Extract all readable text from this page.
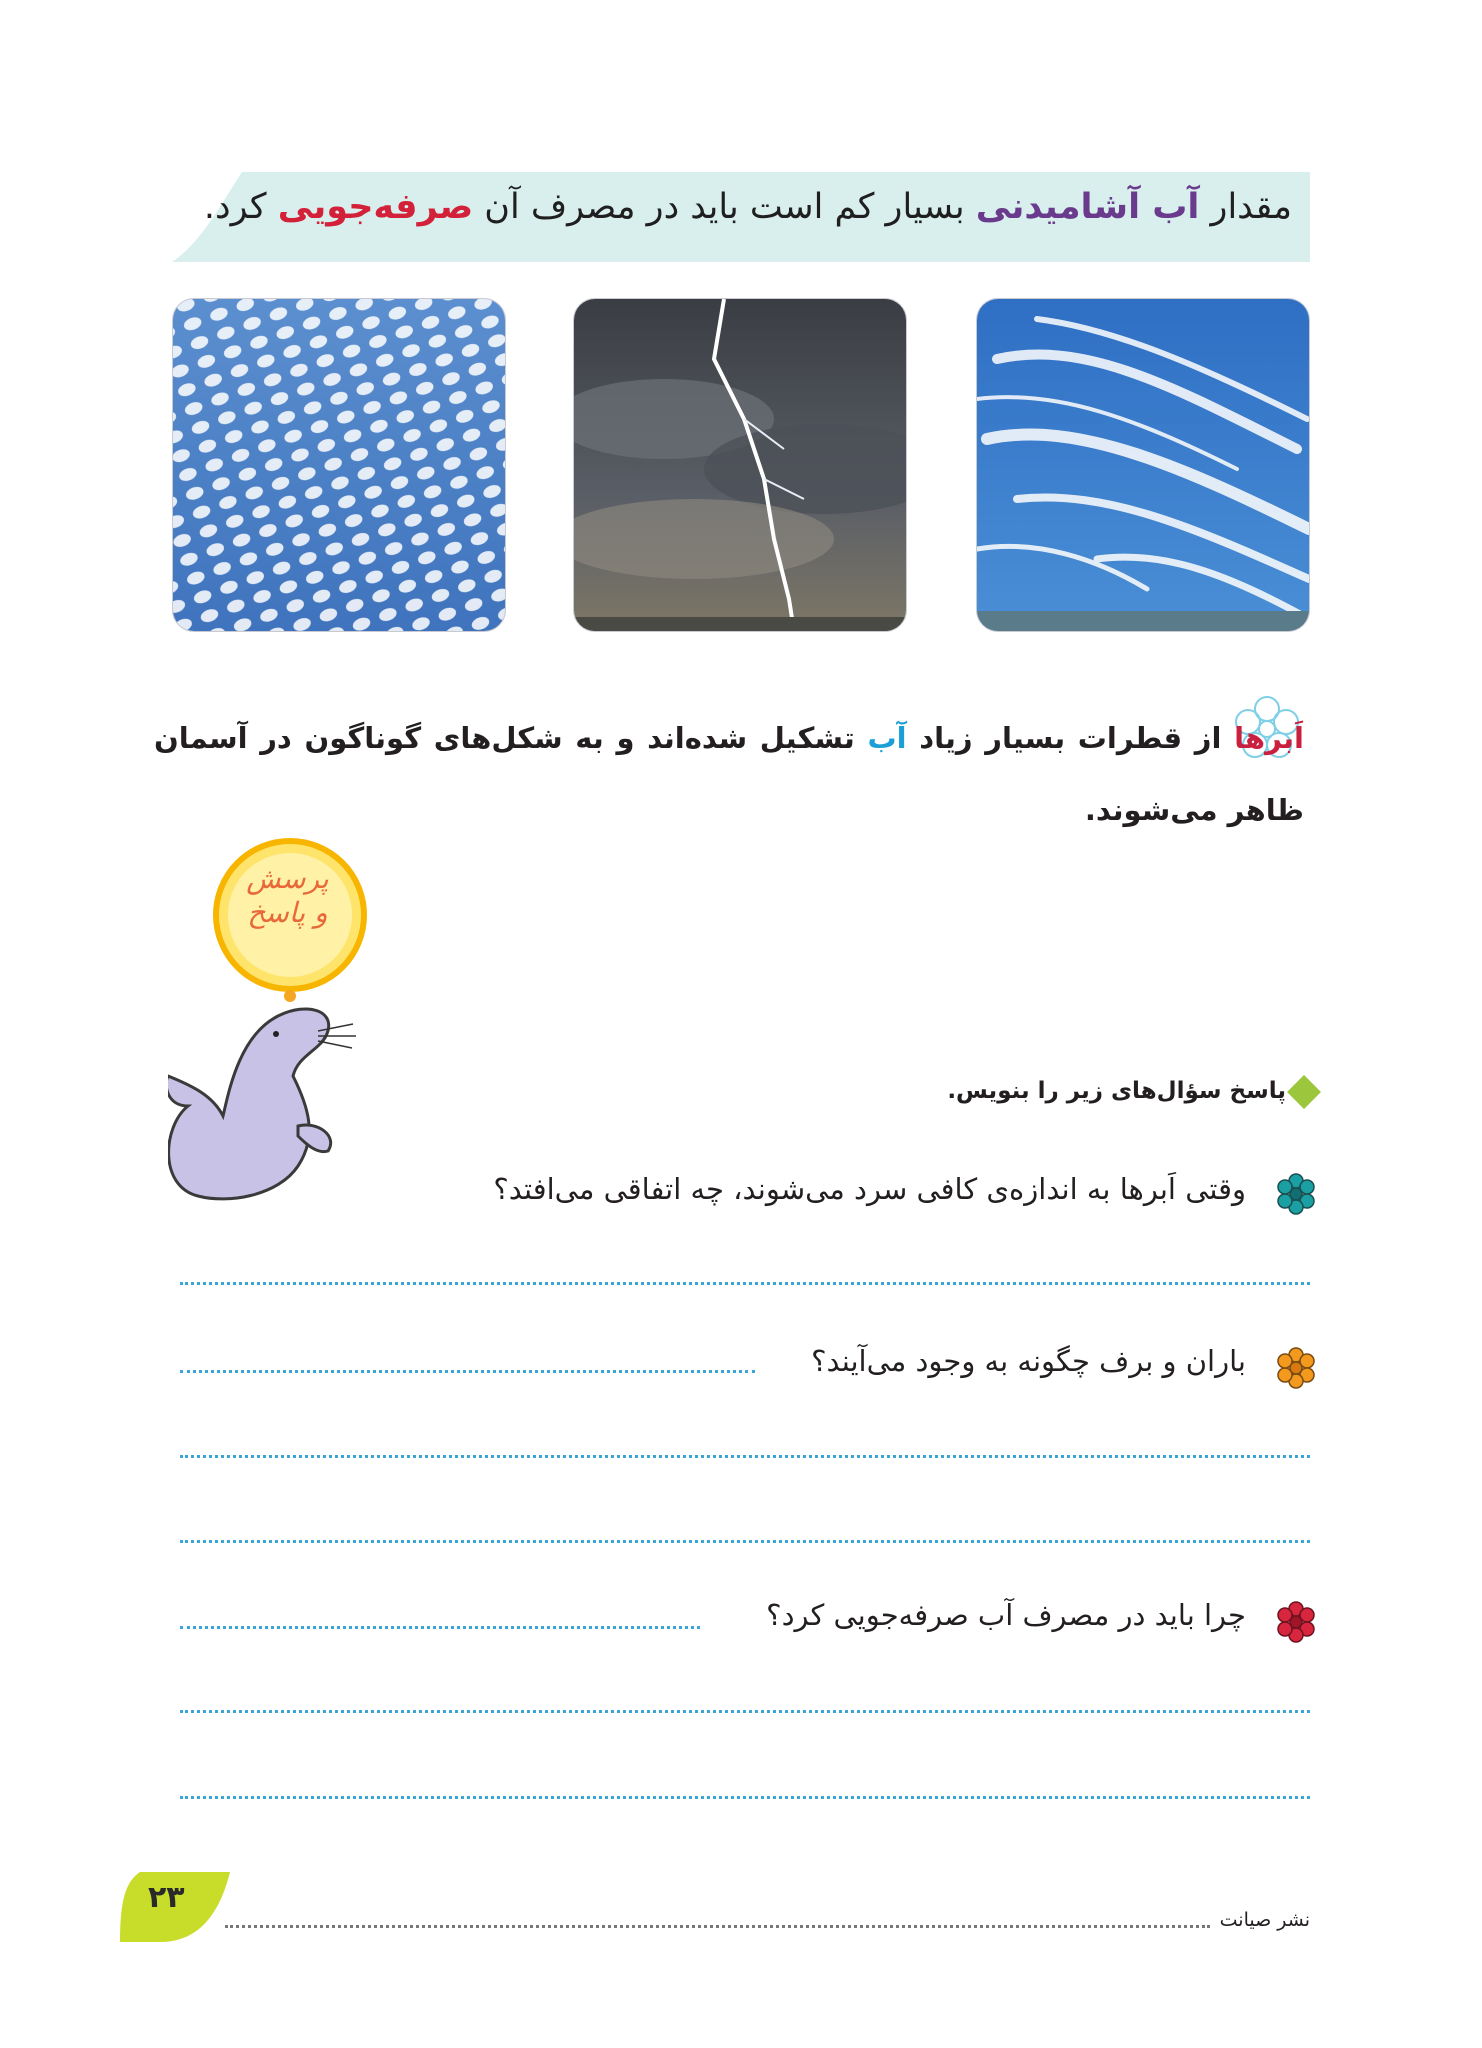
مقدار آب آشامیدنی بسیار کم است باید در مصرف آن صرفه‌جویی کرد.
اَبرها از قطرات بسیار زیاد آب تشکیل شده‌اند و به شکل‌های گوناگون در آسمان ظاهر می‌شوند.
پرسش
و پاسخ
پاسخ سؤال‌های زیر را بنویس.
وقتی اَبرها به اندازه‌ی کافی سرد می‌شوند، چه اتفاقی می‌افتد؟
باران و برف چگونه به وجود می‌آیند؟
چرا باید در مصرف آب صرفه‌جویی کرد؟
۲۳
نشر صیانت
